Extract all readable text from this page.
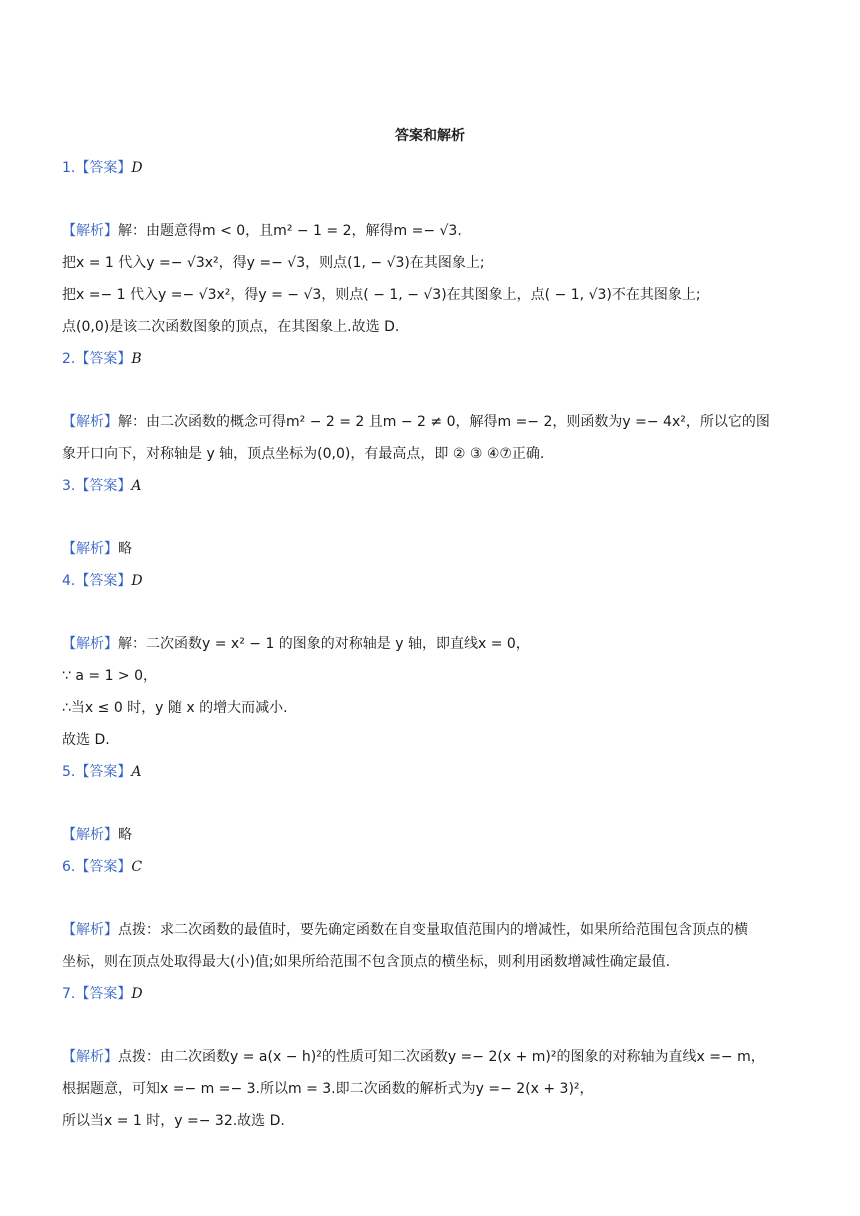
答案和解析
1.【答案】D
【解析】解：由题意得m < 0，且m² − 1 = 2，解得m =− √3.
把x = 1 代入y =− √3x²，得y =− √3，则点(1, − √3)在其图象上;
把x =− 1 代入y =− √3x²，得y = − √3，则点( − 1, − √3)在其图象上，点( − 1, √3)不在其图象上;
点(0,0)是该二次函数图象的顶点，在其图象上.故选 D.
2.【答案】B
【解析】解：由二次函数的概念可得m² − 2 = 2 且m − 2 ≠ 0，解得m =− 2，则函数为y =− 4x²，所以它的图
象开口向下，对称轴是 y 轴，顶点坐标为(0,0)，有最高点，即 ② ③ ④⑦正确.
3.【答案】A
【解析】略
4.【答案】D
【解析】解：二次函数y = x² − 1 的图象的对称轴是 y 轴，即直线x = 0，
∵ a = 1 > 0，
∴当x ≤ 0 时，y 随 x 的增大而减小.
故选 D.
5.【答案】A
【解析】略
6.【答案】C
【解析】点拨：求二次函数的最值时，要先确定函数在自变量取值范围内的增减性，如果所给范围包含顶点的横
坐标，则在顶点处取得最大(小)值;如果所给范围不包含顶点的横坐标，则利用函数增减性确定最值.
7.【答案】D
【解析】点拨：由二次函数y = a(x − h)²的性质可知二次函数y =− 2(x + m)²的图象的对称轴为直线x =− m，
根据题意，可知x =− m =− 3.所以m = 3.即二次函数的解析式为y =− 2(x + 3)²，
所以当x = 1 时，y =− 32.故选 D.
